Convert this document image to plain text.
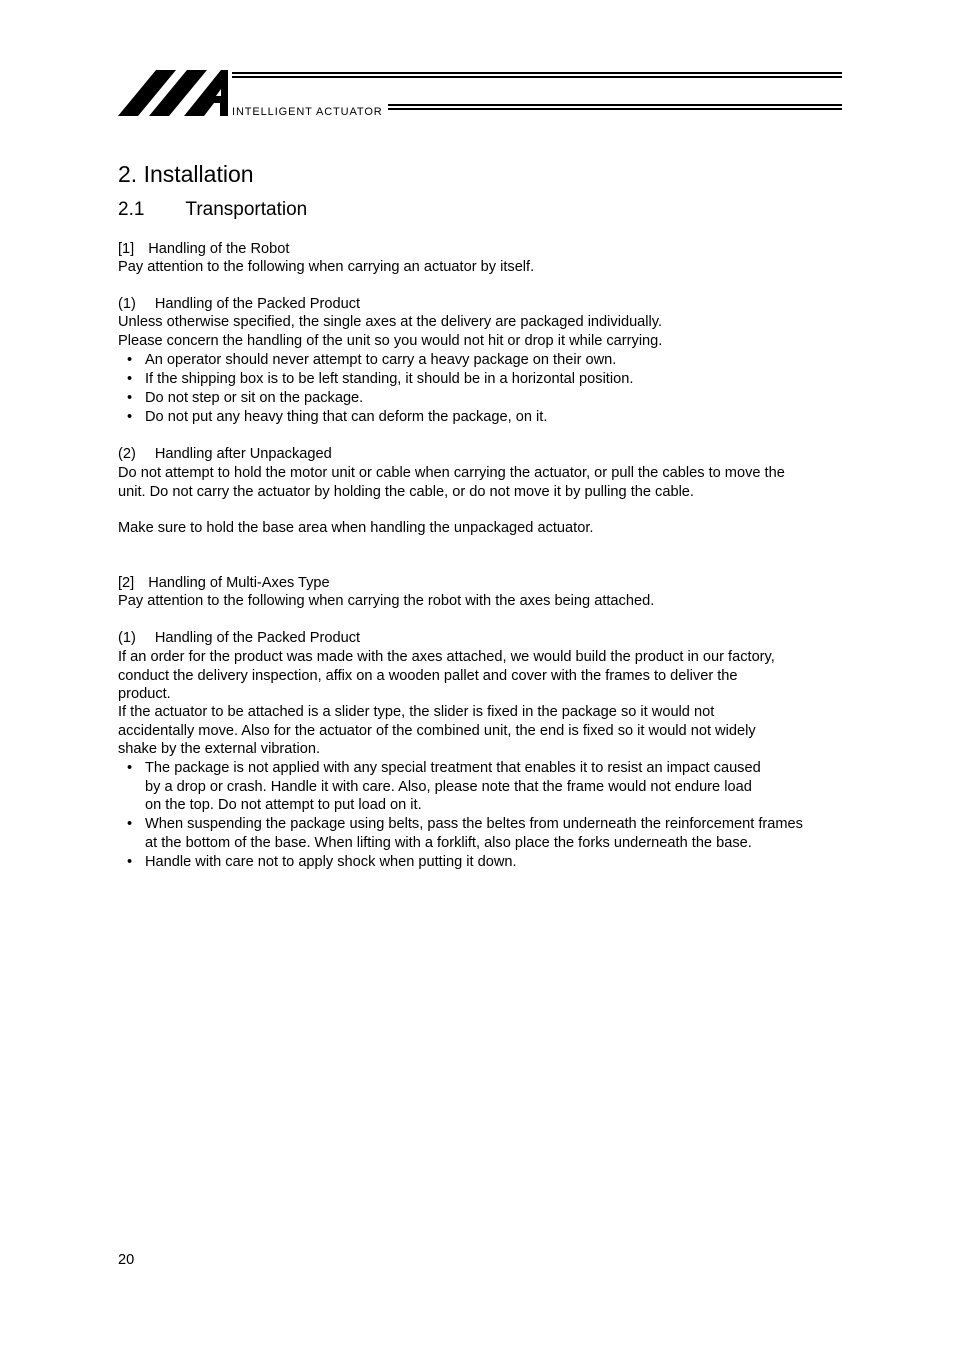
INTELLIGENT ACTUATOR
2. Installation
2.1 Transportation
[1] Handling of the Robot
Pay attention to the following when carrying an actuator by itself.
(1) Handling of the Packed Product
Unless otherwise specified, the single axes at the delivery are packaged individually.
Please concern the handling of the unit so you would not hit or drop it while carrying.
• An operator should never attempt to carry a heavy package on their own.
• If the shipping box is to be left standing, it should be in a horizontal position.
• Do not step or sit on the package.
• Do not put any heavy thing that can deform the package, on it.
(2) Handling after Unpackaged
Do not attempt to hold the motor unit or cable when carrying the actuator, or pull the cables to move the unit. Do not carry the actuator by holding the cable, or do not move it by pulling the cable.
Make sure to hold the base area when handling the unpackaged actuator.
[2] Handling of Multi-Axes Type
Pay attention to the following when carrying the robot with the axes being attached.
(1) Handling of the Packed Product
If an order for the product was made with the axes attached, we would build the product in our factory, conduct the delivery inspection, affix on a wooden pallet and cover with the frames to deliver the product.
If the actuator to be attached is a slider type, the slider is fixed in the package so it would not accidentally move. Also for the actuator of the combined unit, the end is fixed so it would not widely shake by the external vibration.
• The package is not applied with any special treatment that enables it to resist an impact caused by a drop or crash. Handle it with care. Also, please note that the frame would not endure load on the top. Do not attempt to put load on it.
• When suspending the package using belts, pass the beltes from underneath the reinforcement frames at the bottom of the base. When lifting with a forklift, also place the forks underneath the base.
• Handle with care not to apply shock when putting it down.
20
